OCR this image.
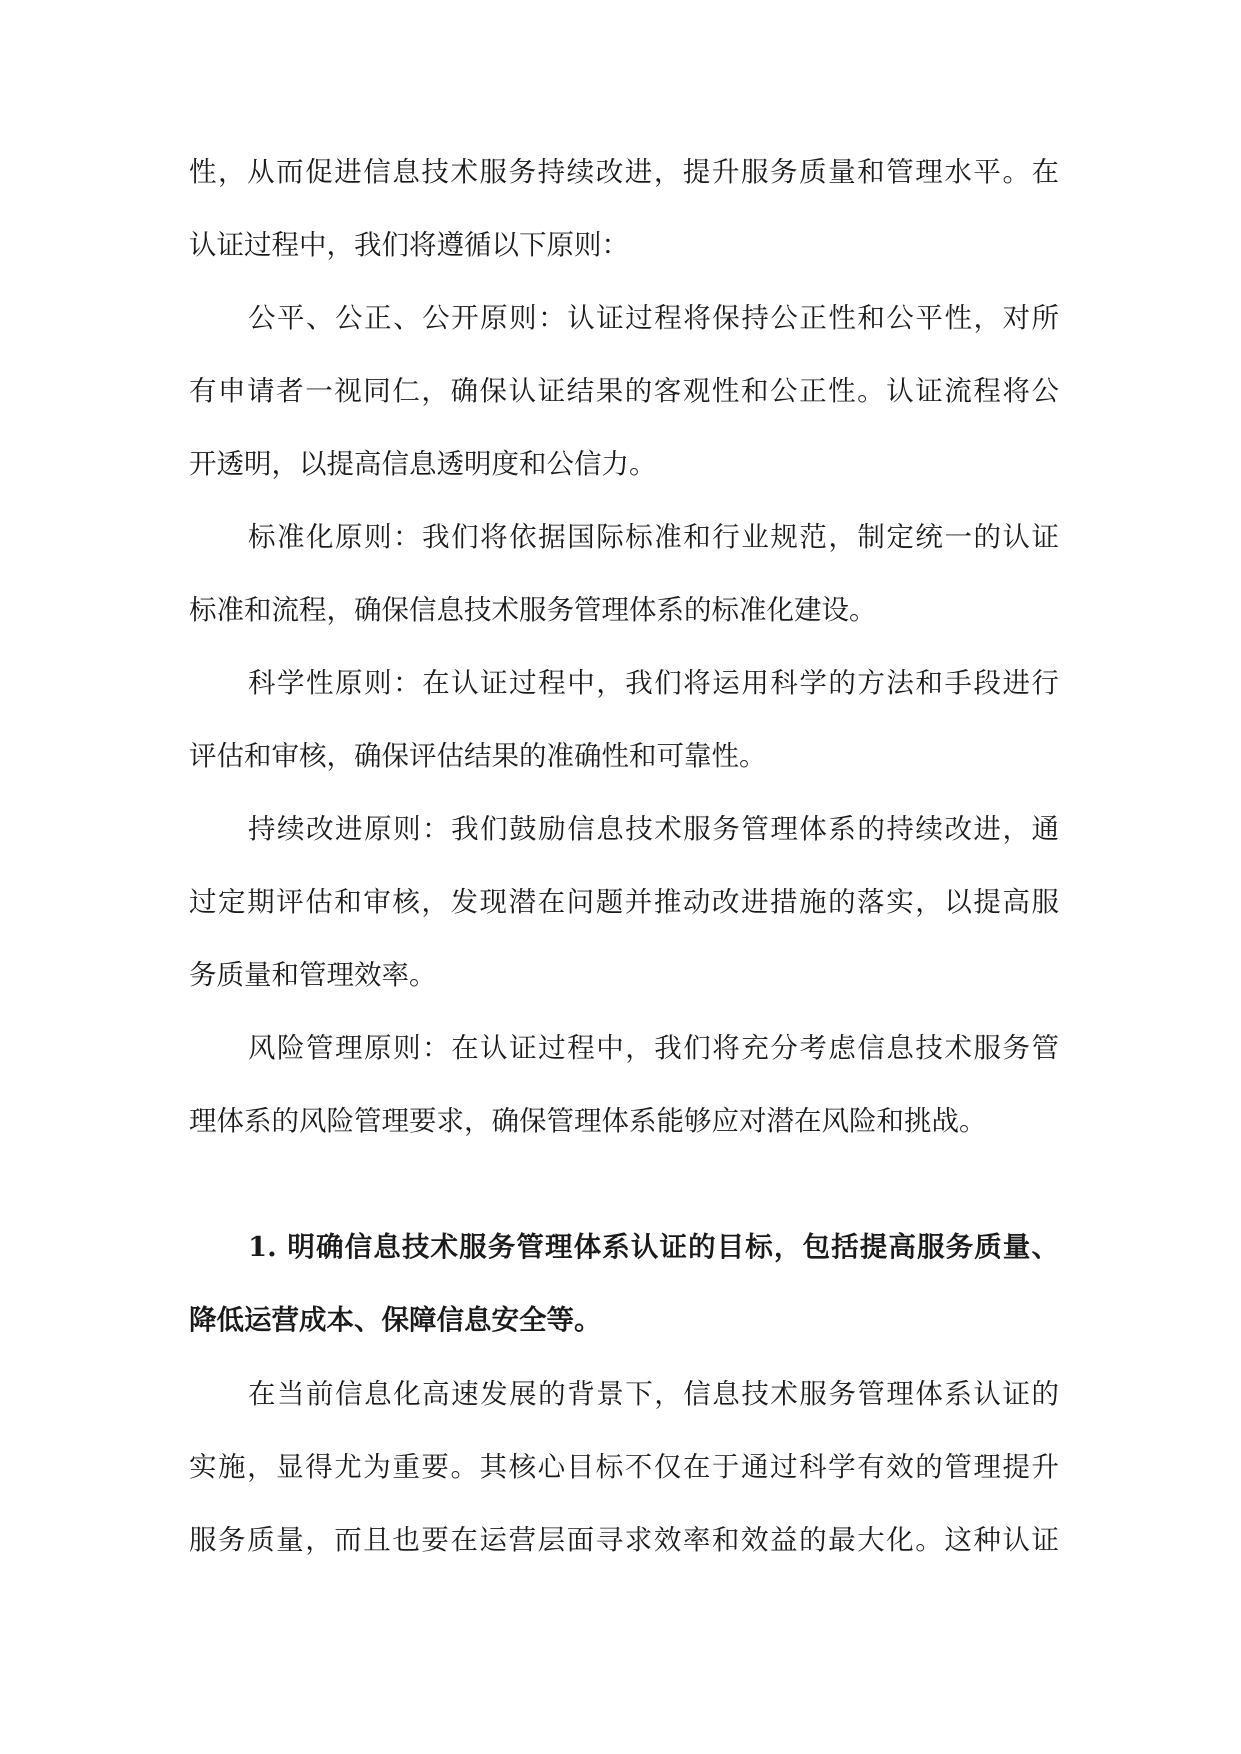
性，从而促进信息技术服务持续改进，提升服务质量和管理水平。在
认证过程中，我们将遵循以下原则：
公平、公正、公开原则：认证过程将保持公正性和公平性，对所
有申请者一视同仁，确保认证结果的客观性和公正性。认证流程将公
开透明，以提高信息透明度和公信力。
标准化原则：我们将依据国际标准和行业规范，制定统一的认证
标准和流程，确保信息技术服务管理体系的标准化建设。
科学性原则：在认证过程中，我们将运用科学的方法和手段进行
评估和审核，确保评估结果的准确性和可靠性。
持续改进原则：我们鼓励信息技术服务管理体系的持续改进，通
过定期评估和审核，发现潜在问题并推动改进措施的落实，以提高服
务质量和管理效率。
风险管理原则：在认证过程中，我们将充分考虑信息技术服务管
理体系的风险管理要求，确保管理体系能够应对潜在风险和挑战。
1. 明确信息技术服务管理体系认证的目标，包括提高服务质量、
降低运营成本、保障信息安全等。
在当前信息化高速发展的背景下，信息技术服务管理体系认证的
实施，显得尤为重要。其核心目标不仅在于通过科学有效的管理提升
服务质量，而且也要在运营层面寻求效率和效益的最大化。这种认证
